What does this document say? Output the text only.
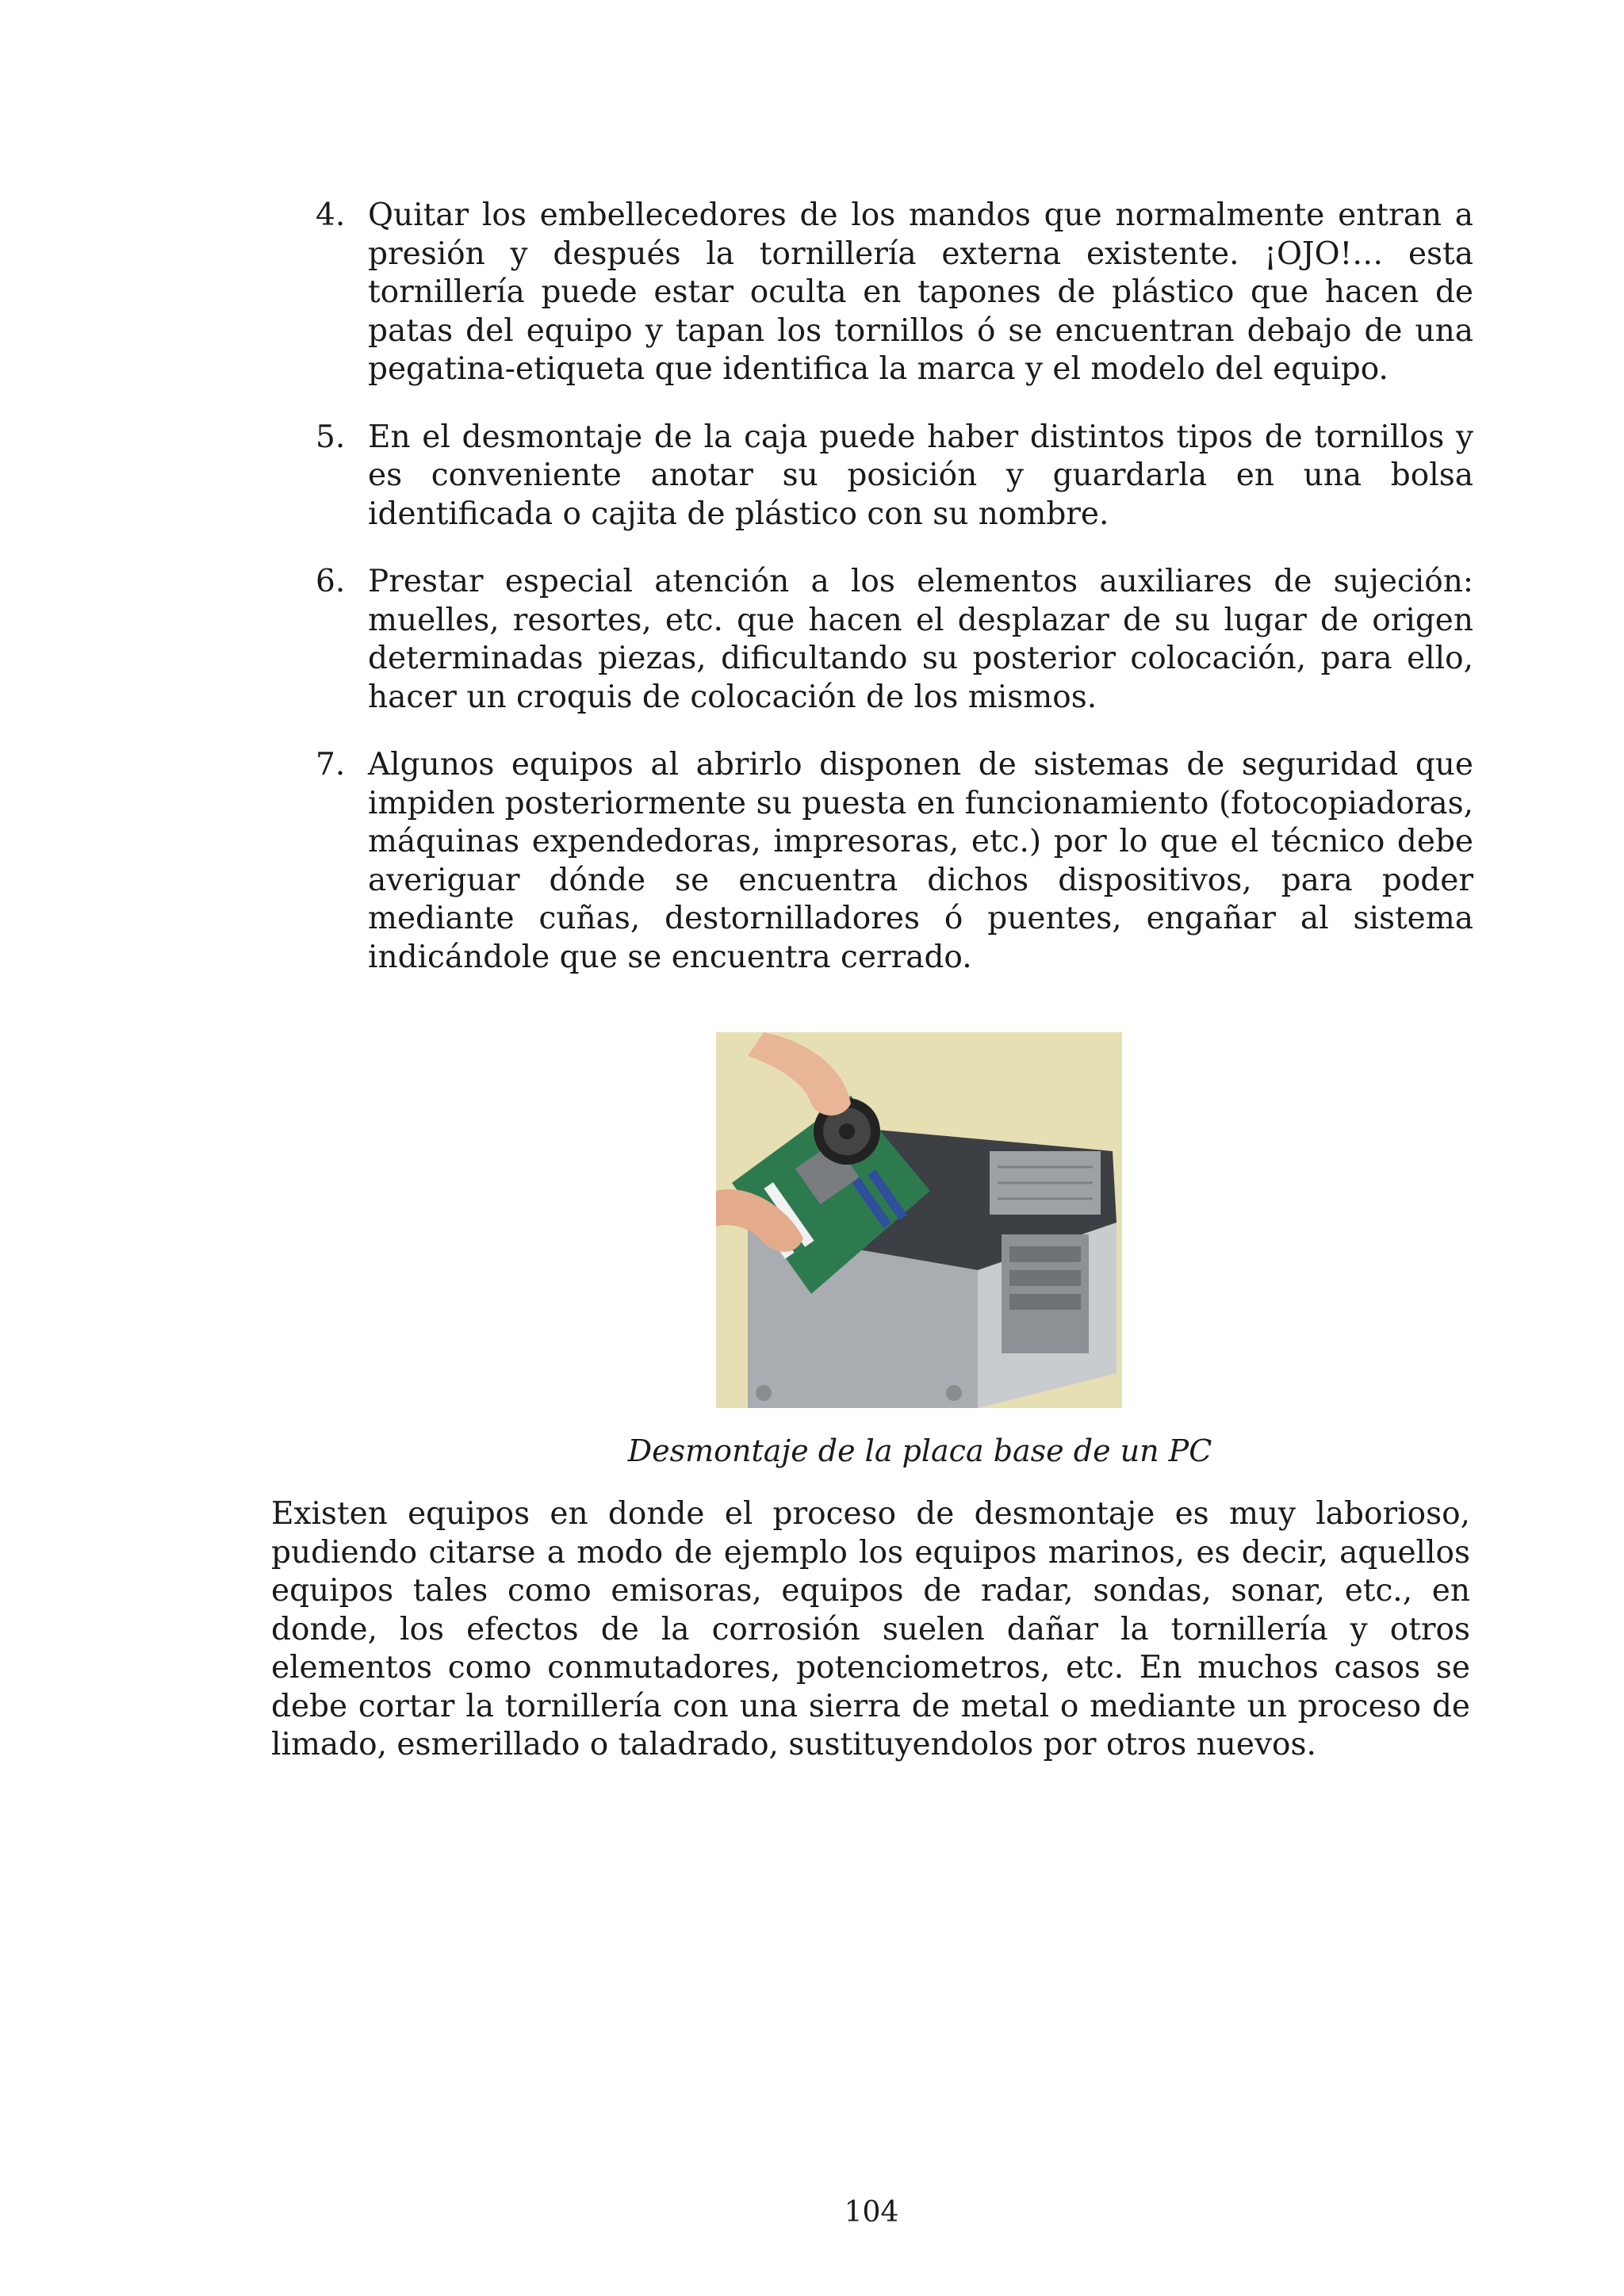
4. Quitar los embellecedores de los mandos que normalmente entran a presión y después la tornillería externa existente. ¡OJO!… esta tornillería puede estar oculta en tapones de plástico que hacen de patas del equipo y tapan los tornillos ó se encuentran debajo de una pegatina-etiqueta que identifica la marca y el modelo del equipo.
5. En el desmontaje de la caja puede haber distintos tipos de tornillos y es conveniente anotar su posición y guardarla en una bolsa identificada o cajita de plástico con su nombre.
6. Prestar especial atención a los elementos auxiliares de sujeción: muelles, resortes, etc. que hacen el desplazar de su lugar de origen determinadas piezas, dificultando su posterior colocación, para ello, hacer un croquis de colocación de los mismos.
7. Algunos equipos al abrirlo disponen de sistemas de seguridad que impiden posteriormente su puesta en funcionamiento (fotocopiadoras, máquinas expendedoras, impresoras, etc.) por lo que el técnico debe averiguar dónde se encuentra dichos dispositivos, para poder mediante cuñas, destornilladores ó puentes, engañar al sistema indicándole que se encuentra cerrado.
Desmontaje de la placa base de un PC
Existen equipos en donde el proceso de desmontaje es muy laborioso, pudiendo citarse a modo de ejemplo los equipos marinos, es decir, aquellos equipos tales como emisoras, equipos de radar, sondas, sonar, etc., en donde, los efectos de la corrosión suelen dañar la tornillería y otros elementos como conmutadores, potenciometros, etc. En muchos casos se debe cortar la tornillería con una sierra de metal o mediante un proceso de limado, esmerillado o taladrado, sustituyendolos por otros nuevos.
104
